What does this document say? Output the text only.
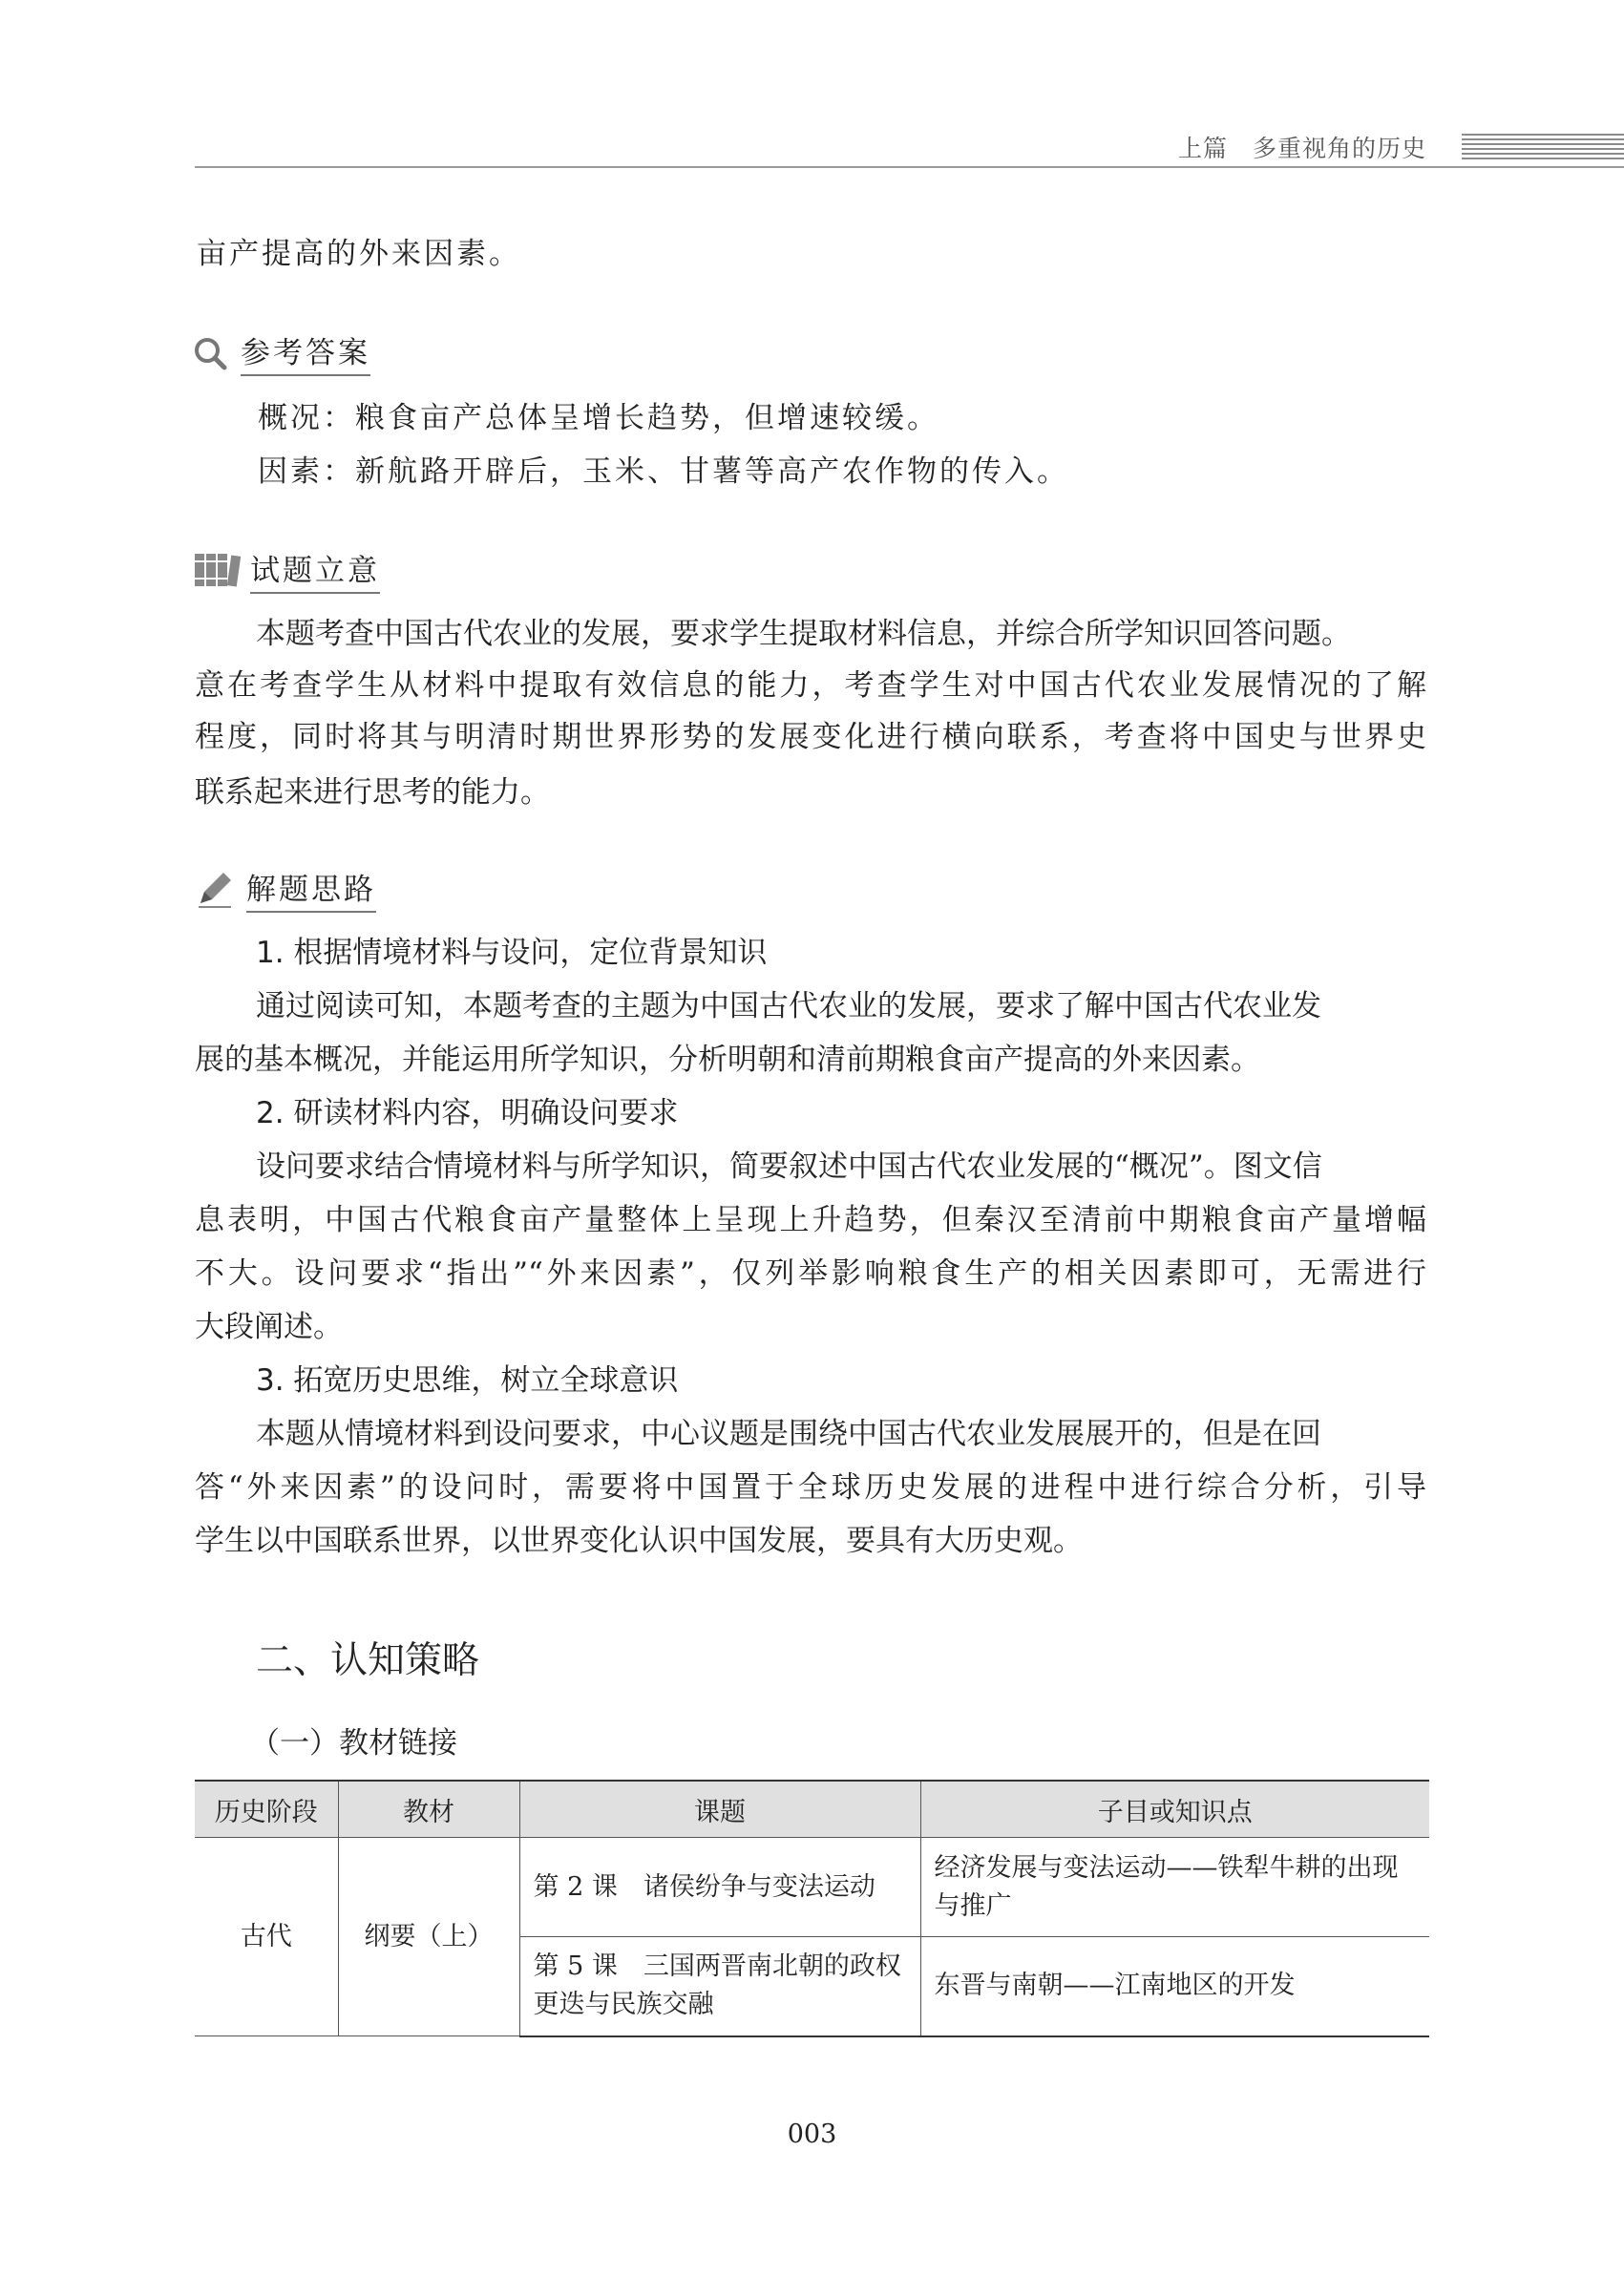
上篇　多重视角的历史
亩产提高的外来因素。
参考答案
概况：粮食亩产总体呈增长趋势，但增速较缓。
因素：新航路开辟后，玉米、甘薯等高产农作物的传入。
试题立意
本题考查中国古代农业的发展，要求学生提取材料信息，并综合所学知识回答问题。
意在考查学生从材料中提取有效信息的能力，考查学生对中国古代农业发展情况的了解
程度，同时将其与明清时期世界形势的发展变化进行横向联系，考查将中国史与世界史
联系起来进行思考的能力。
解题思路
1. 根据情境材料与设问，定位背景知识
通过阅读可知，本题考查的主题为中国古代农业的发展，要求了解中国古代农业发
展的基本概况，并能运用所学知识，分析明朝和清前期粮食亩产提高的外来因素。
2. 研读材料内容，明确设问要求
设问要求结合情境材料与所学知识，简要叙述中国古代农业发展的“概况”。图文信
息表明，中国古代粮食亩产量整体上呈现上升趋势，但秦汉至清前中期粮食亩产量增幅
不大。设问要求“指出”“外来因素”，仅列举影响粮食生产的相关因素即可，无需进行
大段阐述。
3. 拓宽历史思维，树立全球意识
本题从情境材料到设问要求，中心议题是围绕中国古代农业发展展开的，但是在回
答“外来因素”的设问时，需要将中国置于全球历史发展的进程中进行综合分析，引导
学生以中国联系世界，以世界变化认识中国发展，要具有大历史观。
二、认知策略
（一）教材链接
历史阶段	教材	课题	子目或知识点
古代	纲要（上）	第 2 课　诸侯纷争与变法运动	经济发展与变法运动——铁犁牛耕的出现
与推广

		第 5 课　三国两晋南北朝的政权
更迭与民族交融	东晋与南朝——江南地区的开发
003
